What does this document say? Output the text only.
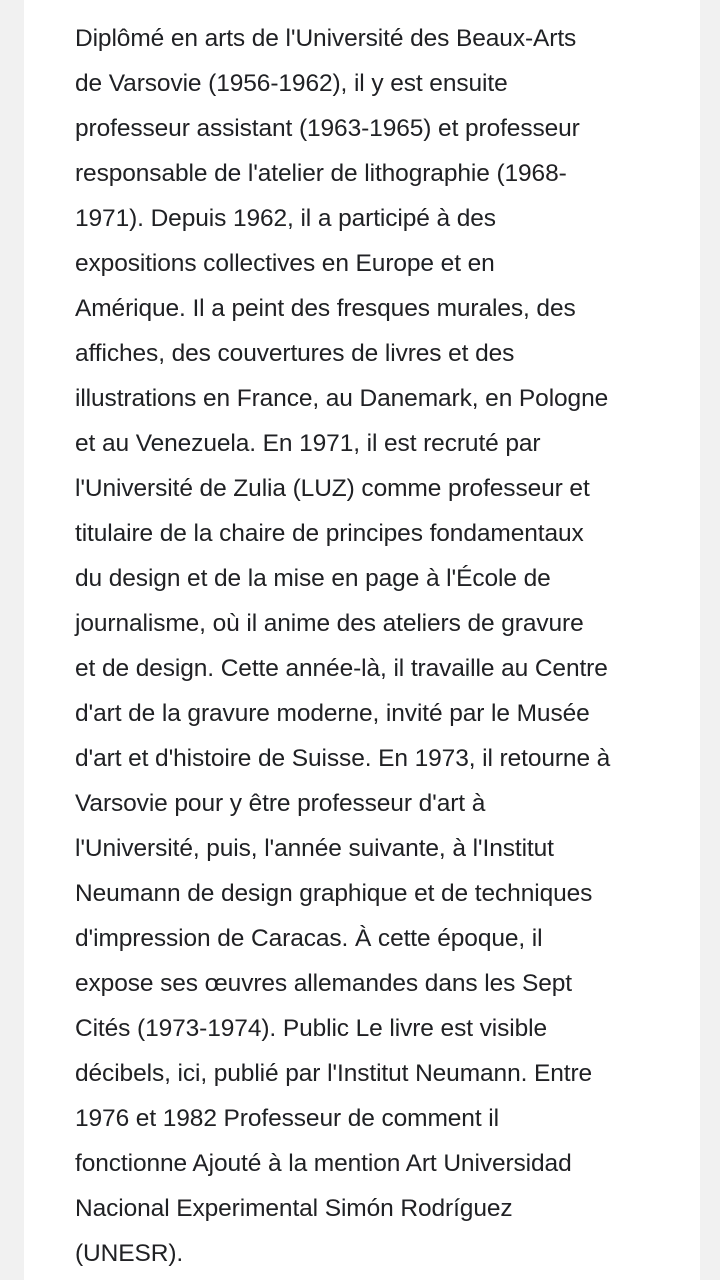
Diplômé en arts de l'Université des Beaux-Arts
de Varsovie (1956-1962), il y est ensuite
professeur assistant (1963-1965) et professeur
responsable de l'atelier de lithographie (1968-
1971). Depuis 1962, il a participé à des
expositions collectives en Europe et en
Amérique. Il a peint des fresques murales, des
affiches, des couvertures de livres et des
illustrations en France, au Danemark, en Pologne
et au Venezuela. En 1971, il est recruté par
l'Université de Zulia (LUZ) comme professeur et
titulaire de la chaire de principes fondamentaux
du design et de la mise en page à l'École de
journalisme, où il anime des ateliers de gravure
et de design. Cette année-là, il travaille au Centre
d'art de la gravure moderne, invité par le Musée
d'art et d'histoire de Suisse. En 1973, il retourne à
Varsovie pour y être professeur d'art à
l'Université, puis, l'année suivante, à l'Institut
Neumann de design graphique et de techniques
d'impression de Caracas. À cette époque, il
expose ses œuvres allemandes dans les Sept
Cités (1973-1974). Public Le livre est visible
décibels, ici, publié par l'Institut Neumann. Entre
1976 et 1982 Professeur de comment il
fonctionne Ajouté à la mention Art Universidad
Nacional Experimental Simón Rodríguez
(UNESR).
